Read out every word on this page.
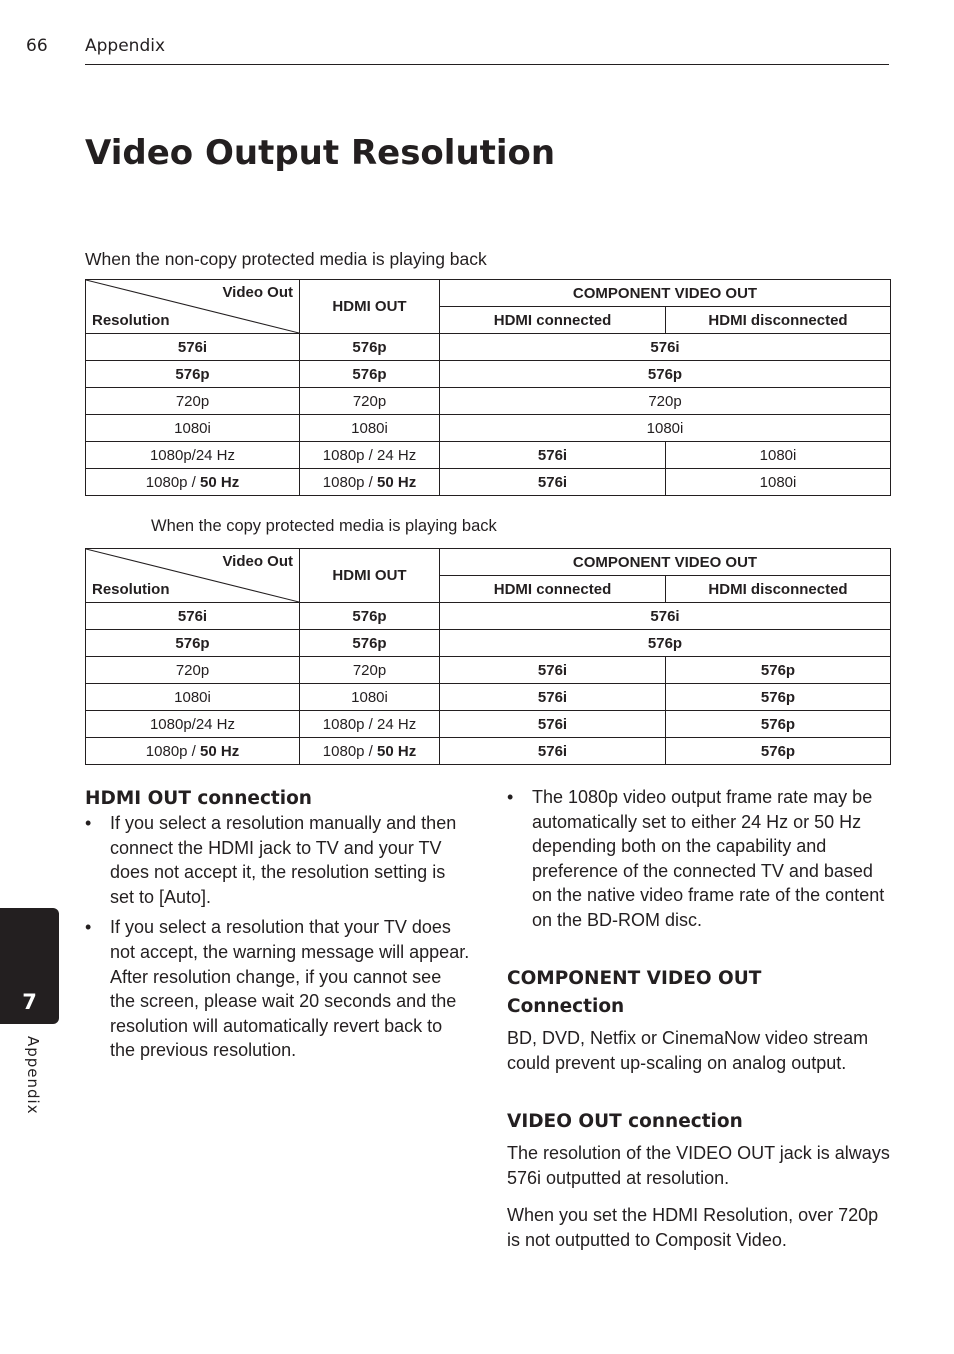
66 Appendix
Video Output Resolution
When the non-copy protected media is playing back
Video Out
Resolution	HDMI OUT	COMPONENT VIDEO OUT	
		HDMI connected	HDMI disconnected
576i	576p	576i	
576p	576p	576p	
720p	720p	720p	
1080i	1080i	1080i	
1080p/24 Hz	1080p / 24 Hz	576i	1080i
1080p / 50 Hz	1080p / 50 Hz	576i	1080i
When the copy protected media is playing back
Video Out
Resolution	HDMI OUT	COMPONENT VIDEO OUT	
		HDMI connected	HDMI disconnected
576i	576p	576i	
576p	576p	576p	
720p	720p	576i	576p
1080i	1080i	576i	576p
1080p/24 Hz	1080p / 24 Hz	576i	576p
1080p / 50 Hz	1080p / 50 Hz	576i	576p
HDMI OUT connection
• If you select a resolution manually and then connect the HDMI jack to TV and your TV does not accept it, the resolution setting is set to [Auto].
• If you select a resolution that your TV does not accept, the warning message will appear. After resolution change, if you cannot see the screen, please wait 20 seconds and the resolution will automatically revert back to the previous resolution.
• The 1080p video output frame rate may be automatically set to either 24 Hz or 50 Hz depending both on the capability and preference of the connected TV and based on the native video frame rate of the content on the BD-ROM disc.
COMPONENT VIDEO OUT
Connection
BD, DVD, Netfix or CinemaNow video stream could prevent up-scaling on analog output.
VIDEO OUT connection
The resolution of the VIDEO OUT jack is always 576i outputted at resolution.
When you set the HDMI Resolution, over 720p is not outputted to Composit Video.
7
Appendix
